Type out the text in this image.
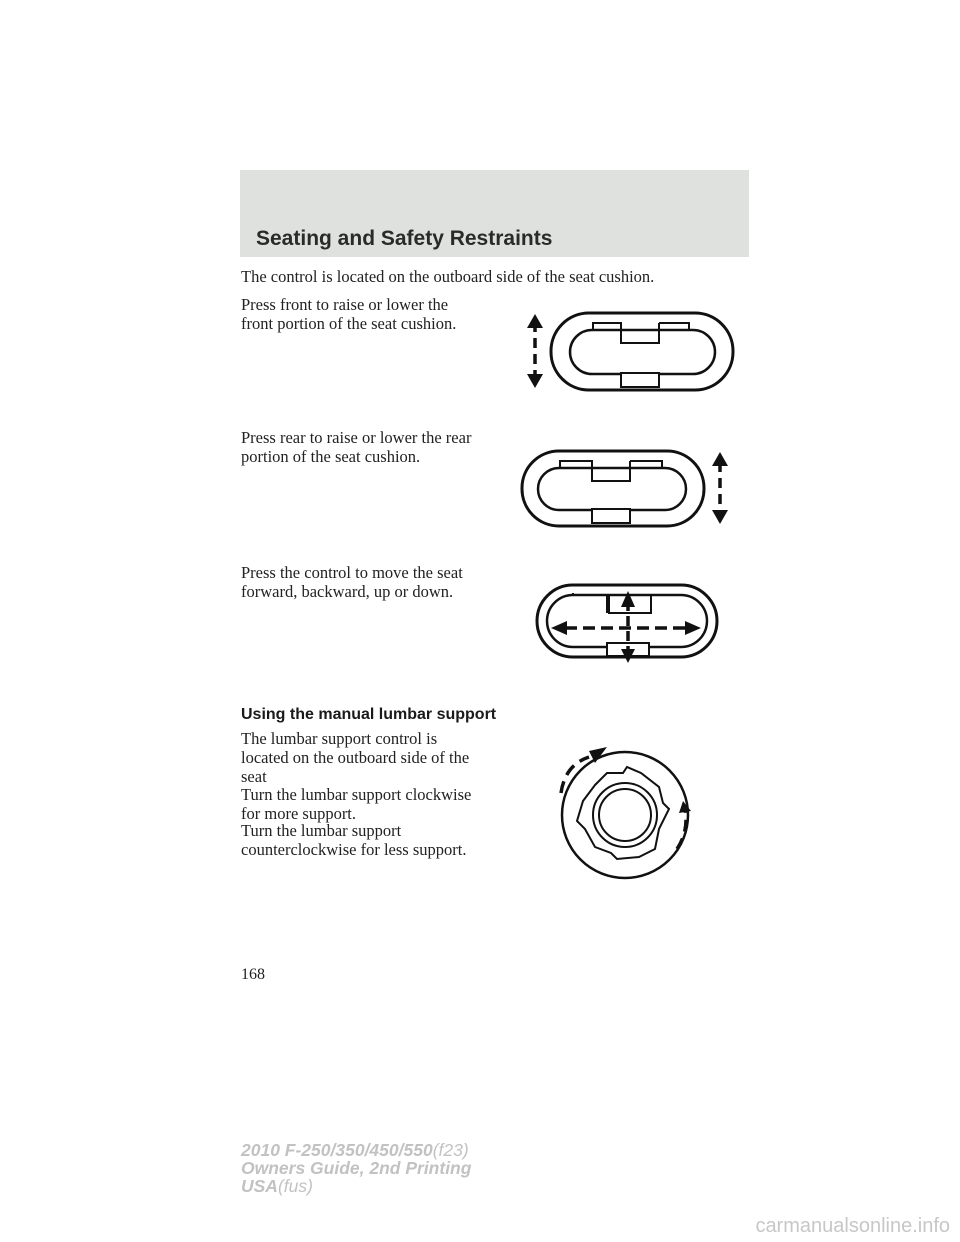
Seating and Safety Restraints
The control is located on the outboard side of the seat cushion.
Press front to raise or lower the
front portion of the seat cushion.
Press rear to raise or lower the rear
portion of the seat cushion.
Press the control to move the seat
forward, backward, up or down.
Using the manual lumbar support
The lumbar support control is
located on the outboard side of the
seat
Turn the lumbar support clockwise
for more support.
Turn the lumbar support
counterclockwise for less support.
168
2010 F-250/350/450/550(f23)
Owners Guide, 2nd Printing
USA(fus)
carmanualsonline.info
